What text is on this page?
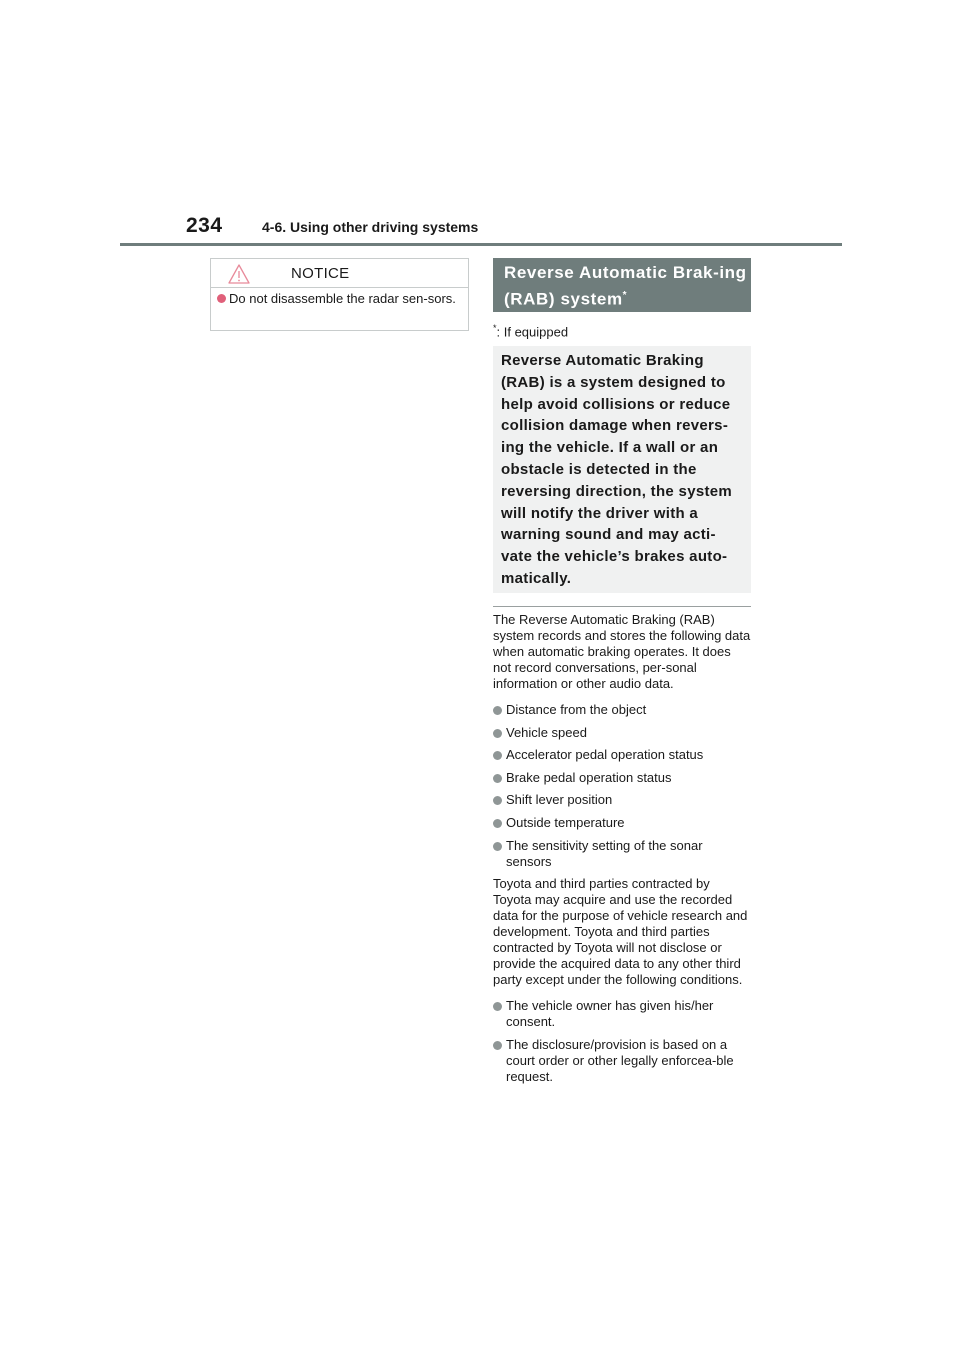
234	4-6. Using other driving systems
NOTICE
Do not disassemble the radar sen-sors.
Reverse Automatic Brak-ing (RAB) system*
*: If equipped
Reverse Automatic Braking (RAB) is a system designed to help avoid collisions or reduce collision damage when revers-ing the vehicle. If a wall or an obstacle is detected in the reversing direction, the system will notify the driver with a warning sound and may acti-vate the vehicle’s brakes auto-matically.

The Reverse Automatic Braking (RAB) system records and stores the following data when automatic braking operates. It does not record conversations, per-sonal information or other audio data.

Distance from the object
Vehicle speed
Accelerator pedal operation status
Brake pedal operation status
Shift lever position
Outside temperature
The sensitivity setting of the sonar sensors

Toyota and third parties contracted by Toyota may acquire and use the recorded data for the purpose of vehicle research and development. Toyota and third parties contracted by Toyota will not disclose or provide the acquired data to any other third party except under the following conditions.

The vehicle owner has given his/her consent.
The disclosure/provision is based on a court order or other legally enforcea-ble request.
